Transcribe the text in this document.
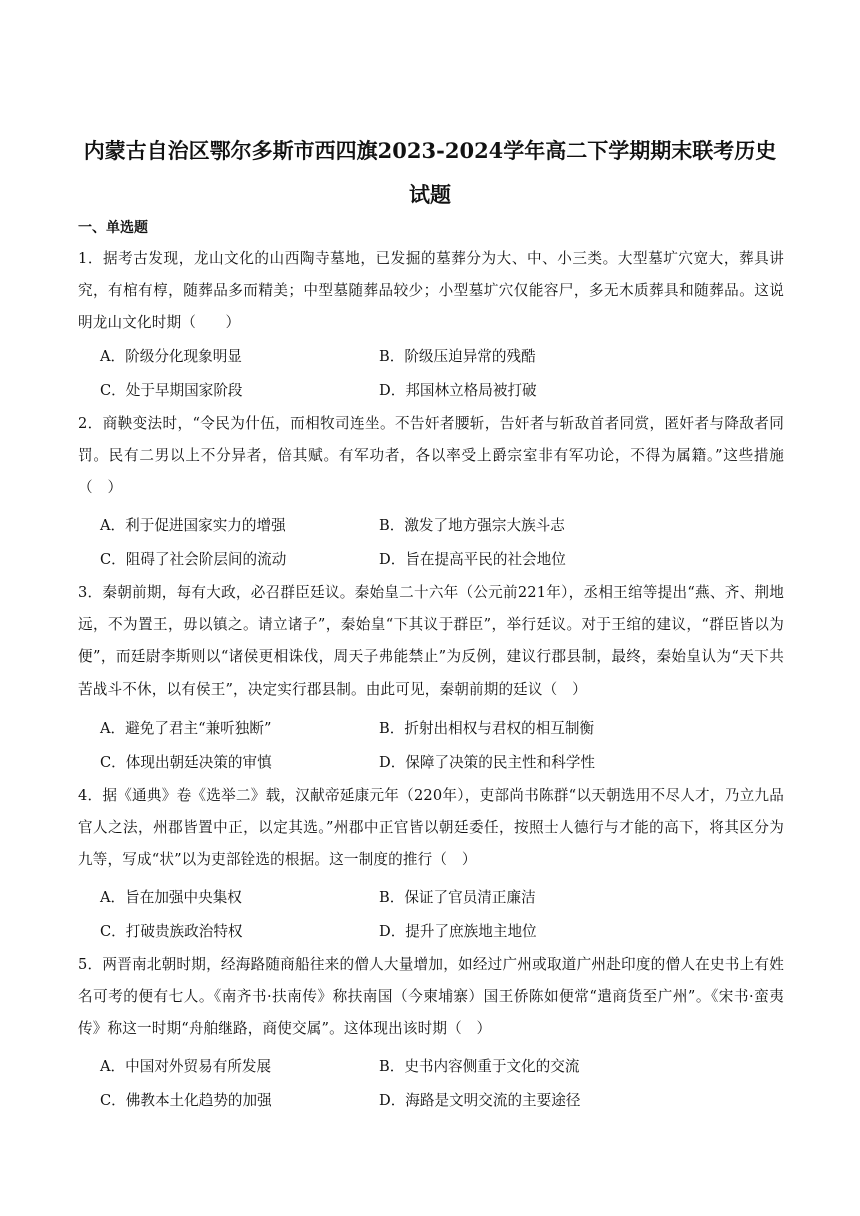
内蒙古自治区鄂尔多斯市西四旗2023-2024学年高二下学期期末联考历史
试题
一、单选题
1．据考古发现，龙山文化的山西陶寺墓地，已发掘的墓葬分为大、中、小三类。大型墓圹穴宽大，葬具讲究，有棺有椁，随葬品多而精美；中型墓随葬品较少；小型墓圹穴仅能容尸，多无木质葬具和随葬品。这说明龙山文化时期（　　）
A．阶级分化现象明显	B．阶级压迫异常的残酷
C．处于早期国家阶段	D．邦国林立格局被打破
2．商鞅变法时，“令民为什伍，而相牧司连坐。不告奸者腰斩，告奸者与斩敌首者同赏，匿奸者与降敌者同罚。民有二男以上不分异者，倍其赋。有军功者，各以率受上爵宗室非有军功论，不得为属籍。”这些措施（　）
A．利于促进国家实力的增强	B．激发了地方强宗大族斗志
C．阻碍了社会阶层间的流动	D．旨在提高平民的社会地位
3．秦朝前期，每有大政，必召群臣廷议。秦始皇二十六年（公元前221年），丞相王绾等提出“燕、齐、荆地远，不为置王，毋以镇之。请立诸子”，秦始皇“下其议于群臣”，举行廷议。对于王绾的建议，“群臣皆以为便”，而廷尉李斯则以“诸侯更相诛伐，周天子弗能禁止”为反例，建议行郡县制，最终，秦始皇认为“天下共苦战斗不休，以有侯王”，决定实行郡县制。由此可见，秦朝前期的廷议（　）
A．避免了君主“兼听独断”	B．折射出相权与君权的相互制衡
C．体现出朝廷决策的审慎	D．保障了决策的民主性和科学性
4．据《通典》卷《选举二》载，汉献帝延康元年（220年），吏部尚书陈群“以天朝选用不尽人才，乃立九品官人之法，州郡皆置中正，以定其选。”州郡中正官皆以朝廷委任，按照士人德行与才能的高下，将其区分为九等，写成“状”以为吏部铨选的根据。这一制度的推行（　）
A．旨在加强中央集权	B．保证了官员清正廉洁
C．打破贵族政治特权	D．提升了庶族地主地位
5．两晋南北朝时期，经海路随商船往来的僧人大量增加，如经过广州或取道广州赴印度的僧人在史书上有姓名可考的便有七人。《南齐书·扶南传》称扶南国（今柬埔寨）国王侨陈如便常“遣商货至广州”。《宋书·蛮夷传》称这一时期“舟舶继路，商使交属”。这体现出该时期（　）
A．中国对外贸易有所发展	B．史书内容侧重于文化的交流
C．佛教本土化趋势的加强	D．海路是文明交流的主要途径
